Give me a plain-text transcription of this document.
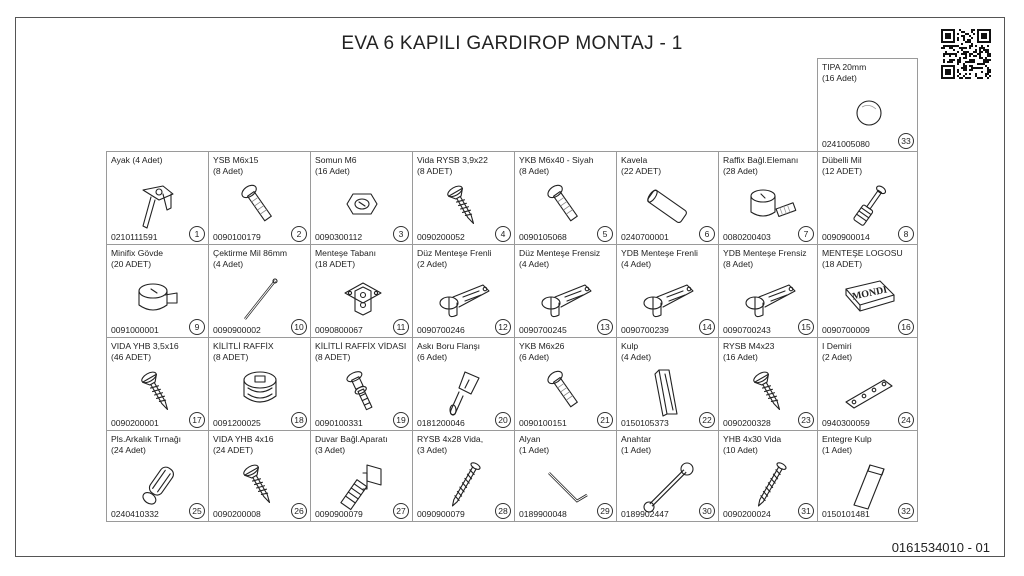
EVA 6 KAPILI GARDIROP MONTAJ - 1
0161534010 - 01
Ayak (4 Adet)
0210111591	1
YSB M6x15
(8 Adet)
0090100179	2
Somun M6
(16 Adet)
0090300112	3
Vida RYSB 3,9x22
(8 ADET)
0090200052	4
YKB M6x40 - Siyah
(8 Adet)
0090105068	5
Kavela
(22 ADET)
0240700001	6
Raffix Bağl.Elemanı
(28 Adet)
0080200403	7
Dübelli Mil
(12 ADET)
0090900014	8
Minifix Gövde
(20 ADET)
0091000001	9
Çektirme Mil 86mm
(4 Adet)
0090900002	10
Menteşe Tabanı
(18 ADET)
0090800067	11
Düz Menteşe Frenli
(2 Adet)
0090700246	12
Düz Menteşe Frensiz
(4 Adet)
0090700245	13
YDB Menteşe Frenli
(4 Adet)
0090700239	14
YDB Menteşe Frensiz
(8 Adet)
0090700243	15
MENTEŞE LOGOSU
(18 ADET)
MONDI
0090700009	16
VIDA YHB 3,5x16
(46 ADET)
0090200001	17
KİLİTLİ RAFFİX
(8 ADET)
0091200025	18
KİLİTLİ RAFFİX VİDASI
(8 ADET)
0090100331	19
Askı Boru Flanşı
(6 Adet)
0181200046	20
YKB M6x26
(6 Adet)
0090100151	21
Kulp
(4 Adet)
0150105373	22
RYSB M4x23
(16 Adet)
0090200328	23
I Demiri
(2 Adet)
0940300059	24
Pls.Arkalık Tırnağı
(24 Adet)
0240410332	25
VIDA YHB 4x16
(24 ADET)
0090200008	26
Duvar Bağl.Aparatı
(3 Adet)
0090900079	27
RYSB 4x28 Vida,
(3 Adet)
0090900079	28
Alyan
(1 Adet)
0189900048	29
Anahtar
(1 Adet)
0189902447	30
YHB 4x30 Vida
(10 Adet)
0090200024	31
Entegre Kulp
(1 Adet)
0150101481	32
TIPA 20mm
(16 Adet)
0241005080	33
